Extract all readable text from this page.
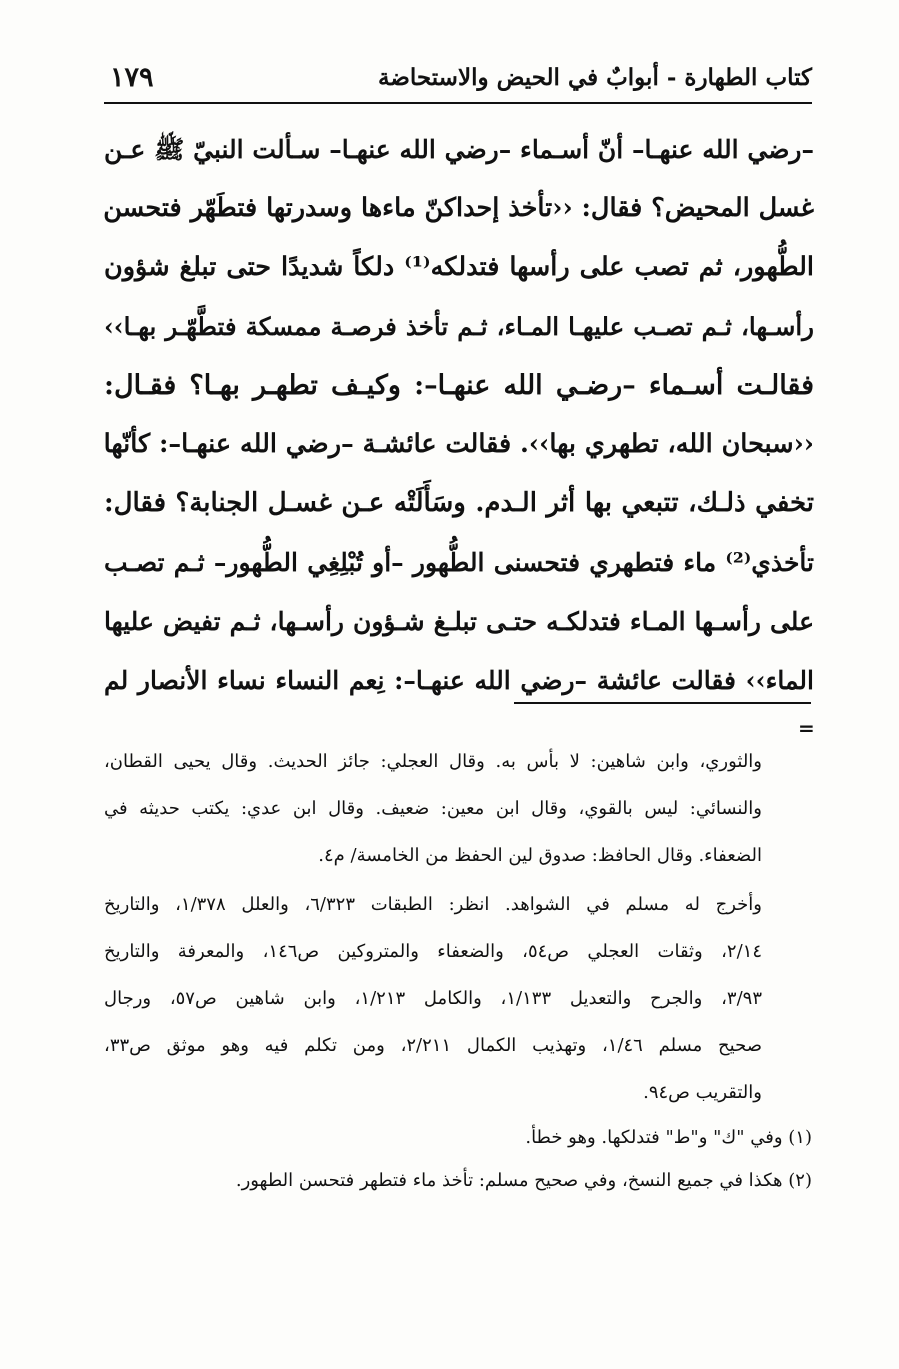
كتاب الطهارة - أبوابٌ في الحيض والاستحاضة
١٧٩
–رضي الله عنهـا– أنّ أسـماء –رضي الله عنهـا– سـألت النبيّ ﷺ عـن
غسل المحيض؟ فقال: ‹‹تأخذ إحداكنّ ماءها وسدرتها فتطَهّر فتحسن
الطُّهور، ثم تصب على رأسها فتدلكه⁽¹⁾ دلكاً شديدًا حتى تبلغ شؤون
رأسـها، ثـم تصـب عليهـا المـاء، ثـم تأخذ فرصـة ممسكة فتطَّهّـر بهـا››
فقالـت أسـماء –رضـي الله عنهـا–: وكيـف تطهـر بهـا؟ فقـال:
‹‹سبحان الله، تطهري بها››. فقالت عائشـة –رضي الله عنهـا–: كأنّها
تخفي ذلـك، تتبعي بها أثر الـدم. وسَأَلَتْه عـن غسـل الجنابة؟ فقال:
تأخذي⁽²⁾ ماء فتطهري فتحسنى الطُّهور –أو تُبْلِغِي الطُّهور– ثـم تصـب
على رأسـها المـاء فتدلكـه حتـى تبلـغ شـؤون رأسـها، ثـم تفيض عليها
الماء›› فقالت عائشة –رضي الله عنهـا–: نِعم النساء نساء الأنصار لم
=
والثوري، وابن شاهين: لا بأس به. وقال العجلي: جائز الحديث. وقال يحيى القطان،
والنسائي: ليس بالقوي، وقال ابن معين: ضعيف. وقال ابن عدي: يكتب حديثه في
الضعفاء. وقال الحافظ: صدوق لين الحفظ من الخامسة/ م٤.
وأخرج له مسلم في الشواهد. انظر: الطبقات ٦/٣٢٣، والعلل ١/٣٧٨، والتاريخ
٢/١٤، وثقات العجلي ص٥٤، والضعفاء والمتروكين ص١٤٦، والمعرفة والتاريخ
٣/٩٣، والجرح والتعديل ١/١٣٣، والكامل ١/٢١٣، وابن شاهين ص٥٧، ورجال
صحيح مسلم ١/٤٦، وتهذيب الكمال ٢/٢١١، ومن تكلم فيه وهو موثق ص٣٣،
والتقريب ص٩٤.
(١) وفي "ك" و"ط" فتدلكها. وهو خطأ.
(٢) هكذا في جميع النسخ، وفي صحيح مسلم: تأخذ ماء فتطهر فتحسن الطهور.
